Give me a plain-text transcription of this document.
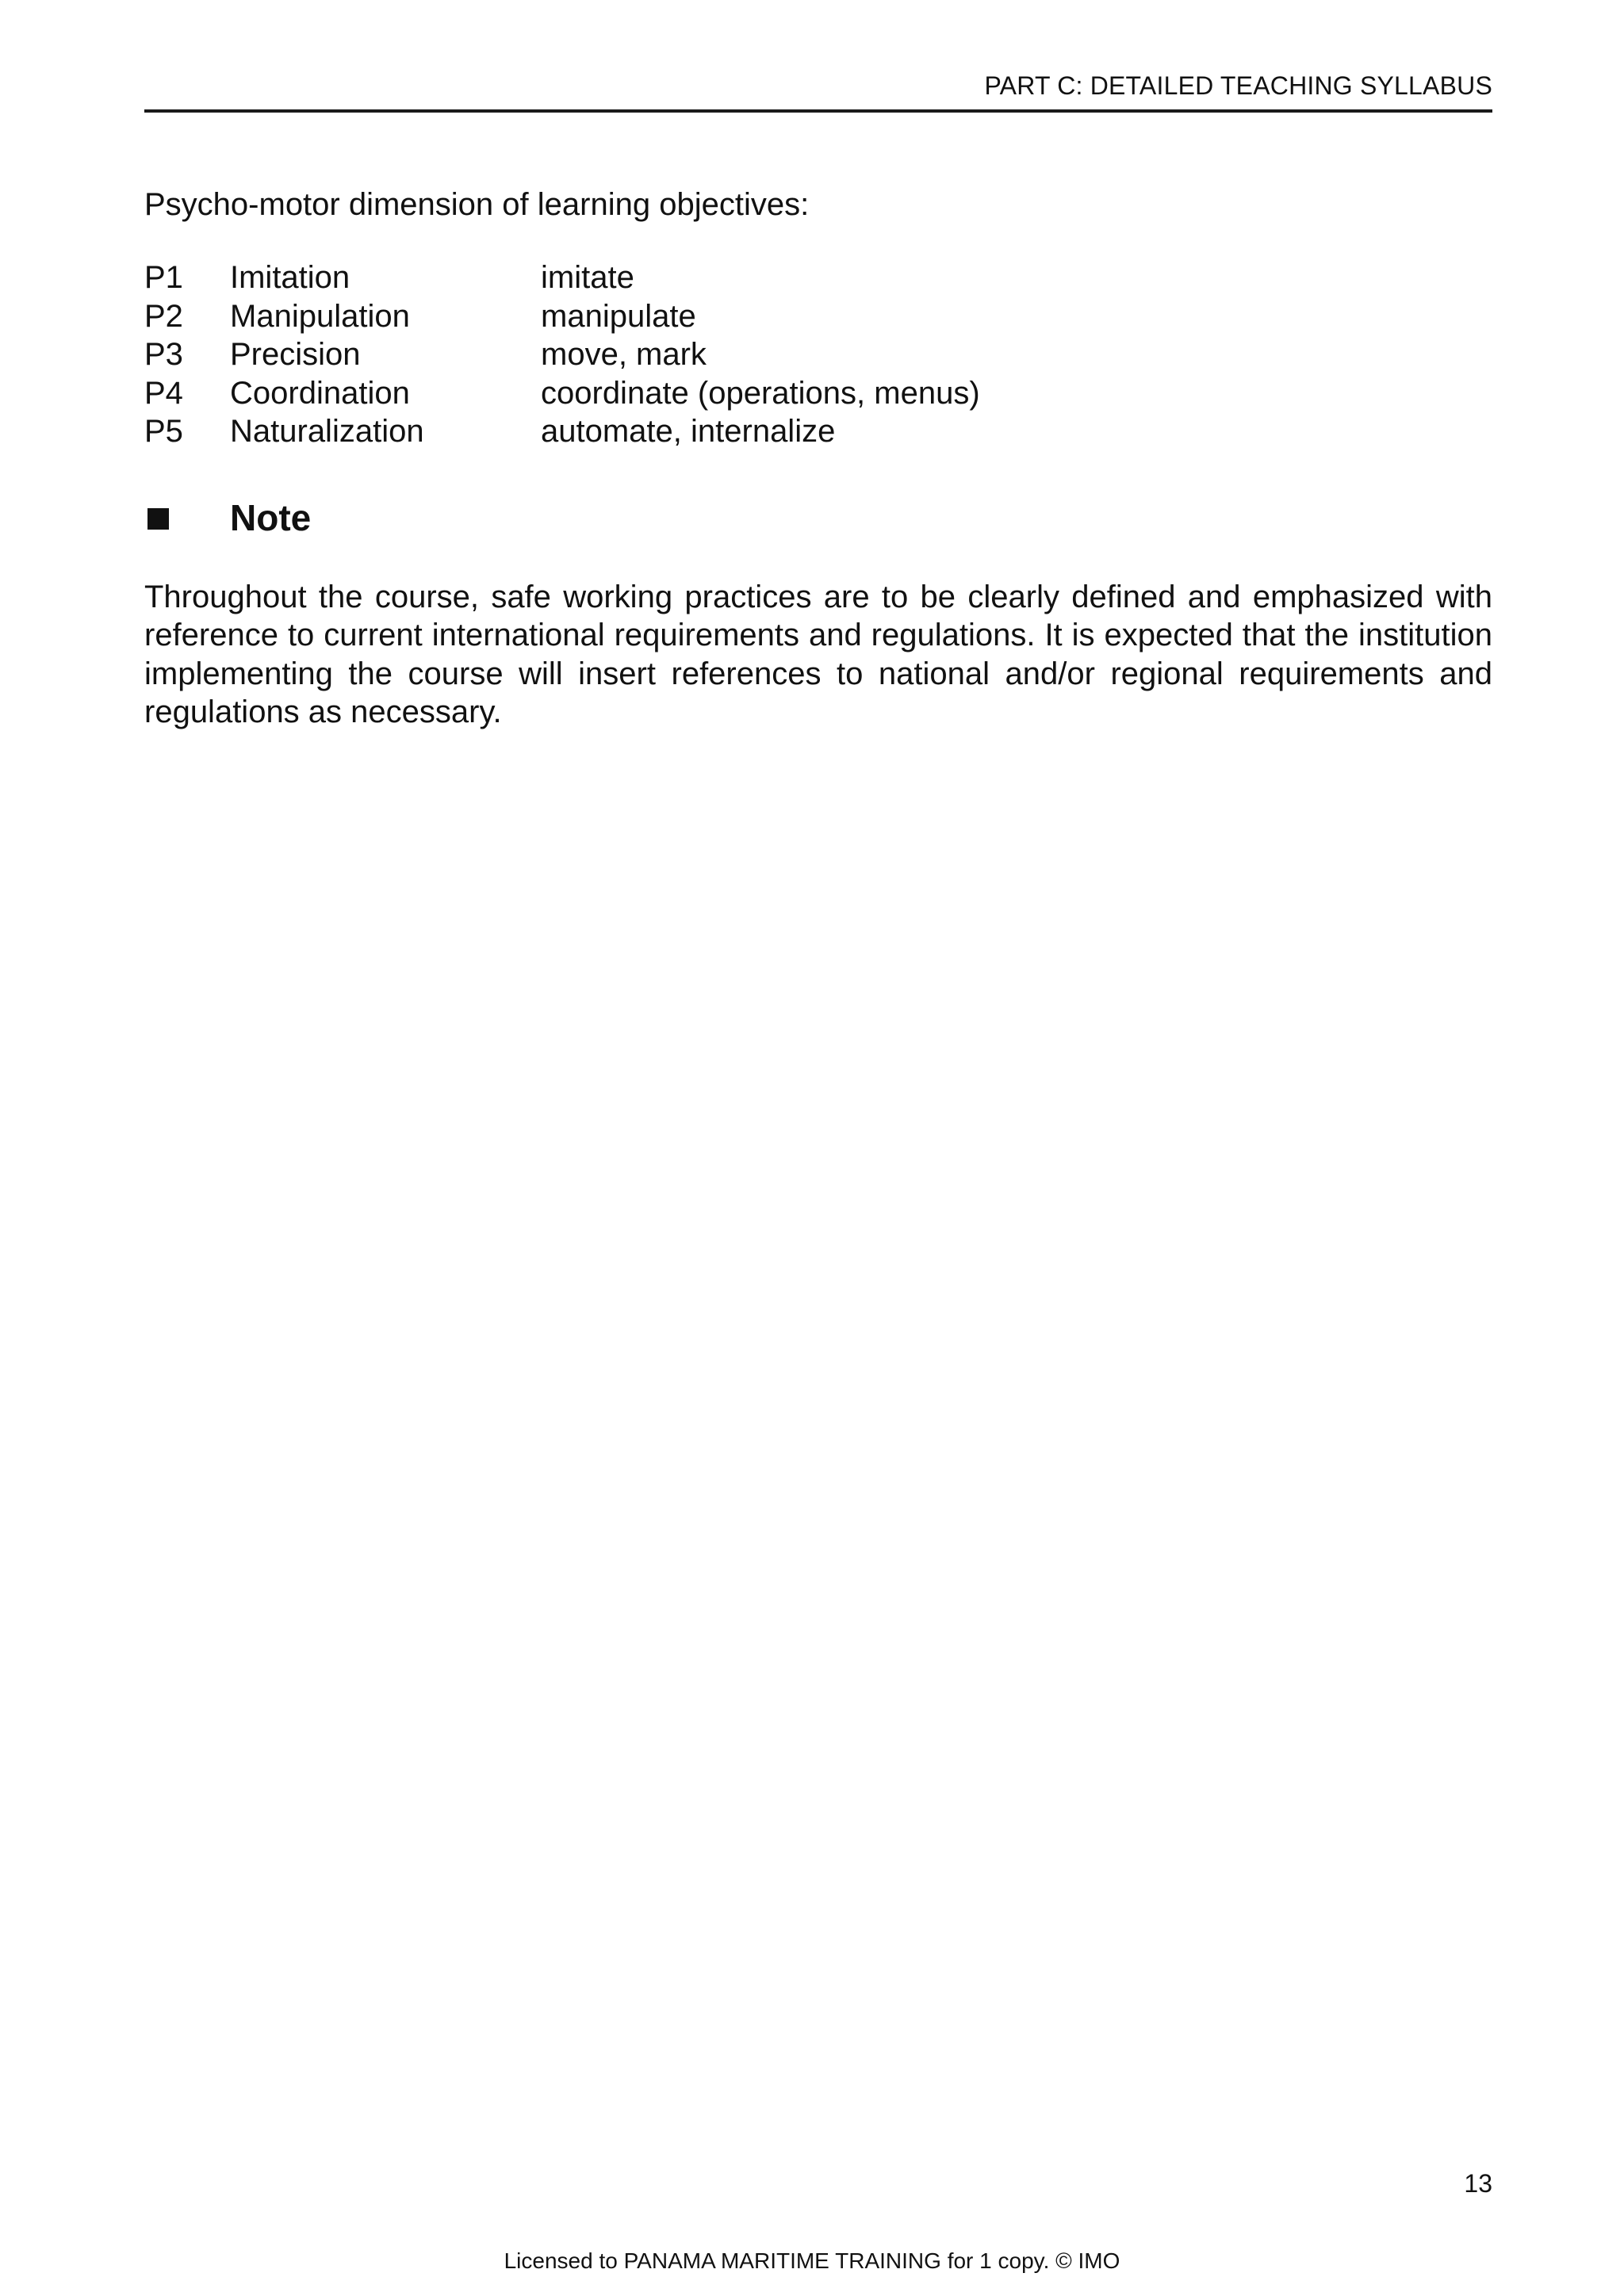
PART C: DETAILED TEACHING SYLLABUS

Psycho-motor dimension of learning objectives:

P1	Imitation	imitate
P2	Manipulation	manipulate
P3	Precision	move, mark
P4	Coordination	coordinate (operations, menus)
P5	Naturalization	automate, internalize
Note

Throughout the course, safe working practices are to be clearly defined and emphasized with reference to current international requirements and regulations. It is expected that the institution implementing the course will insert references to national and/or regional requirements and regulations as necessary.

13
Licensed to PANAMA MARITIME TRAINING for 1 copy. © IMO
